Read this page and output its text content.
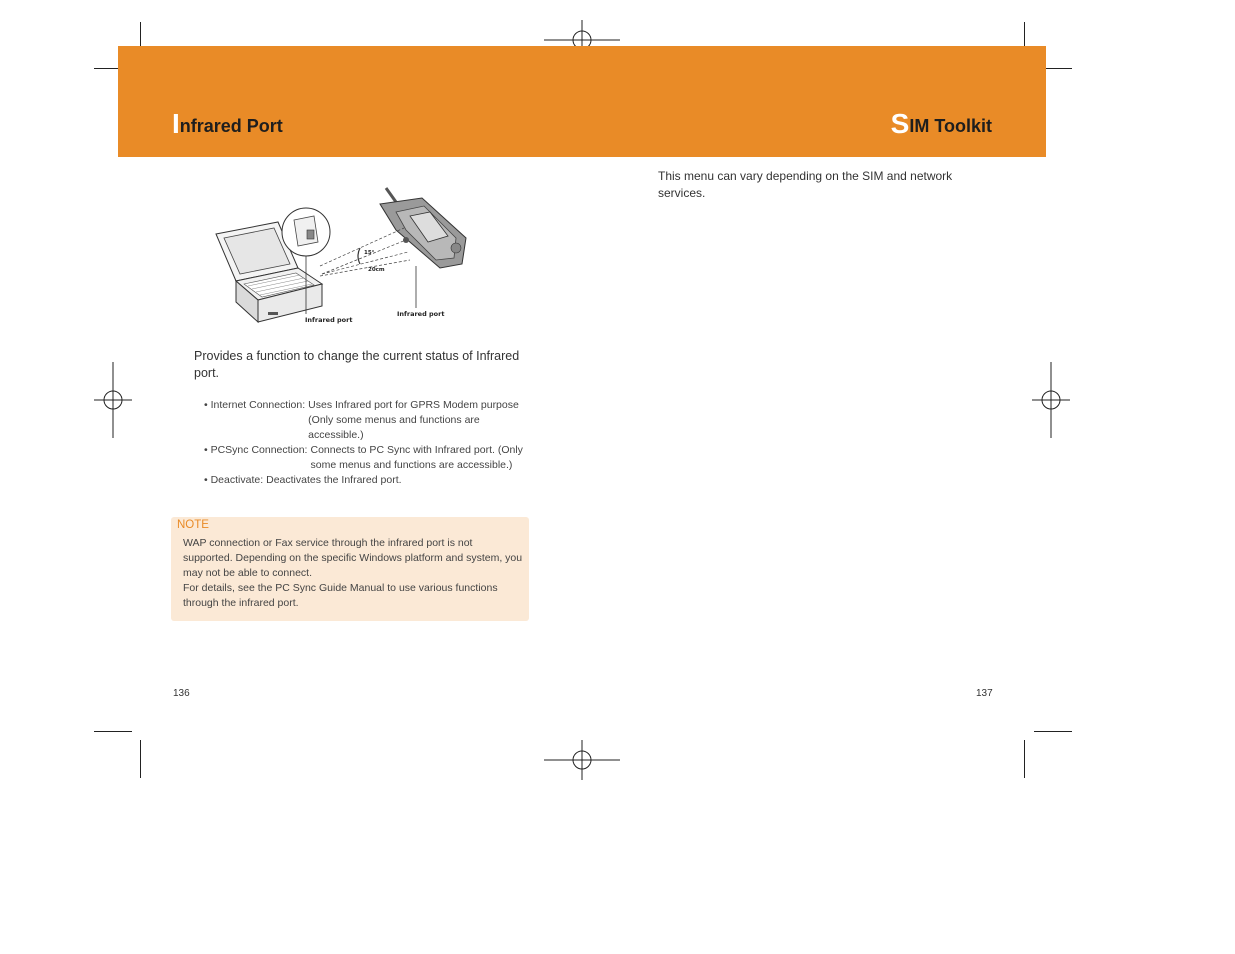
Infrared Port	SIM Toolkit
15°
20cm
Infrared port
Infrared port
Provides a function to change the current status of Infrared port.
• Internet Connection: Uses Infrared port for GPRS Modem purpose (Only some menus and functions are accessible.)
• PCSync Connection: Connects to PC Sync with Infrared port. (Only some menus and functions are accessible.)
• Deactivate: Deactivates the Infrared port.
NOTE

WAP connection or Fax service through the infrared port is not supported. Depending on the specific Windows platform and system, you may not be able to connect.

For details, see the PC Sync Guide Manual to use various functions through the infrared port.

This menu can vary depending on the SIM and network services.
136	137
